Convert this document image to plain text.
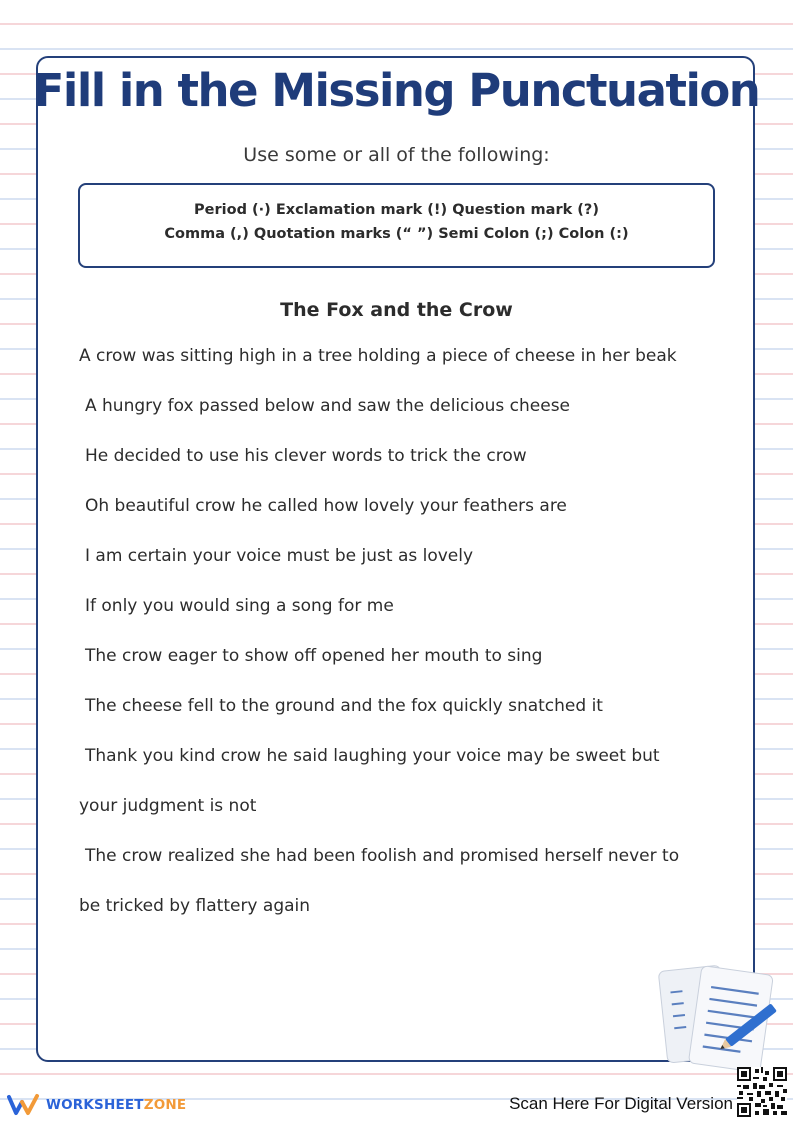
Fill in the Missing Punctuation
Use some or all of the following:
Period (·) Exclamation mark (!) Question mark (?)
Comma (,) Quotation marks (“ ”) Semi Colon (;) Colon (:)
The Fox and the Crow
A crow was sitting high in a tree holding a piece of cheese in her beak
A hungry fox passed below and saw the delicious cheese
He decided to use his clever words to trick the crow
Oh beautiful crow he called how lovely your feathers are
I am certain your voice must be just as lovely
If only you would sing a song for me
The crow eager to show off opened her mouth to sing
The cheese fell to the ground and the fox quickly snatched it
Thank you kind crow he said laughing your voice may be sweet but
your judgment is not
The crow realized she had been foolish and promised herself never to
be tricked by flattery again
WORKSHEETZONE	Scan Here For Digital Version
